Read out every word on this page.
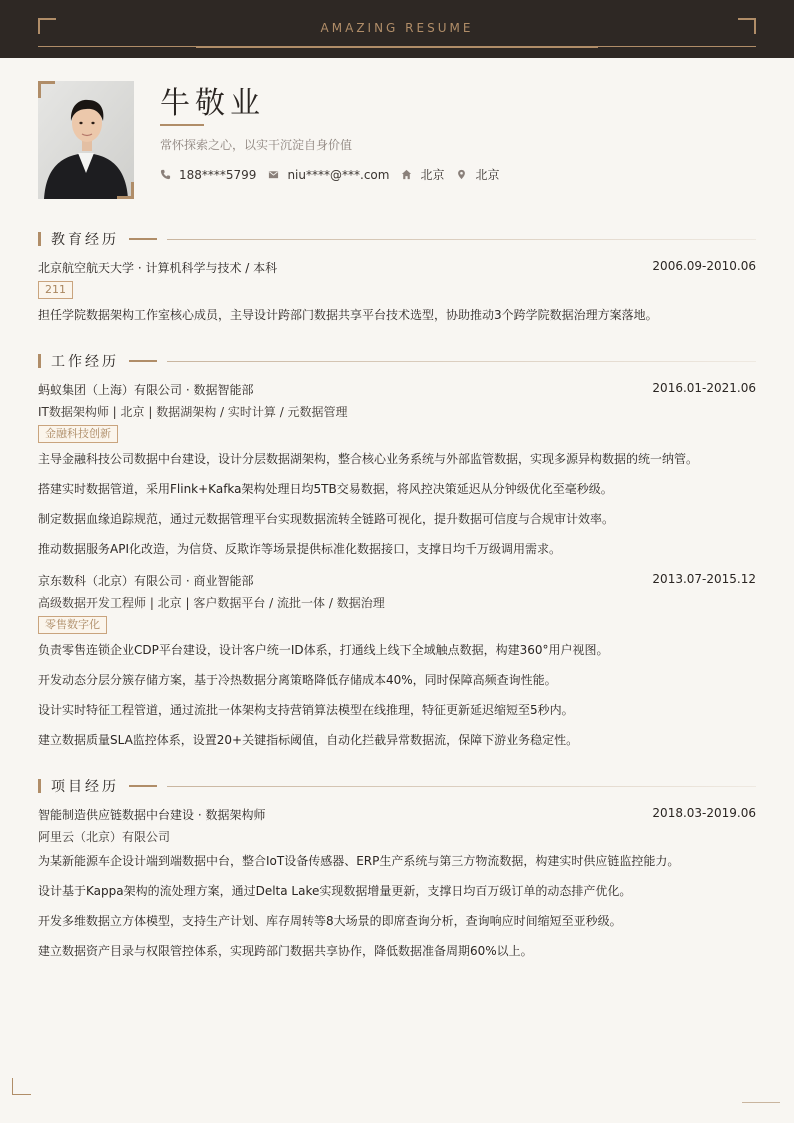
AMAZING RESUME
牛敬业
常怀探索之心，以实干沉淀自身价值
188****5799	niu****@***.com	北京	北京
教育经历
北京航空航天大学 · 计算机科学与技术 / 本科	2006.09-2010.06
211
担任学院数据架构工作室核心成员，主导设计跨部门数据共享平台技术选型，协助推动3个跨学院数据治理方案落地。
工作经历
蚂蚁集团（上海）有限公司 · 数据智能部	2016.01-2021.06
IT数据架构师 | 北京 | 数据湖架构 / 实时计算 / 元数据管理
金融科技创新
主导金融科技公司数据中台建设，设计分层数据湖架构，整合核心业务系统与外部监管数据，实现多源异构数据的统一纳管。
搭建实时数据管道，采用Flink+Kafka架构处理日均5TB交易数据，将风控决策延迟从分钟级优化至毫秒级。
制定数据血缘追踪规范，通过元数据管理平台实现数据流转全链路可视化，提升数据可信度与合规审计效率。
推动数据服务API化改造，为信贷、反欺诈等场景提供标准化数据接口，支撑日均千万级调用需求。
京东数科（北京）有限公司 · 商业智能部	2013.07-2015.12
高级数据开发工程师 | 北京 | 客户数据平台 / 流批一体 / 数据治理
零售数字化
负责零售连锁企业CDP平台建设，设计客户统一ID体系，打通线上线下全域触点数据，构建360°用户视图。
开发动态分层分簇存储方案，基于冷热数据分离策略降低存储成本40%，同时保障高频查询性能。
设计实时特征工程管道，通过流批一体架构支持营销算法模型在线推理，特征更新延迟缩短至5秒内。
建立数据质量SLA监控体系，设置20+关键指标阈值，自动化拦截异常数据流，保障下游业务稳定性。
项目经历
智能制造供应链数据中台建设 · 数据架构师	2018.03-2019.06
阿里云（北京）有限公司
为某新能源车企设计端到端数据中台，整合IoT设备传感器、ERP生产系统与第三方物流数据，构建实时供应链监控能力。
设计基于Kappa架构的流处理方案，通过Delta Lake实现数据增量更新，支撑日均百万级订单的动态排产优化。
开发多维数据立方体模型，支持生产计划、库存周转等8大场景的即席查询分析，查询响应时间缩短至亚秒级。
建立数据资产目录与权限管控体系，实现跨部门数据共享协作，降低数据准备周期60%以上。
